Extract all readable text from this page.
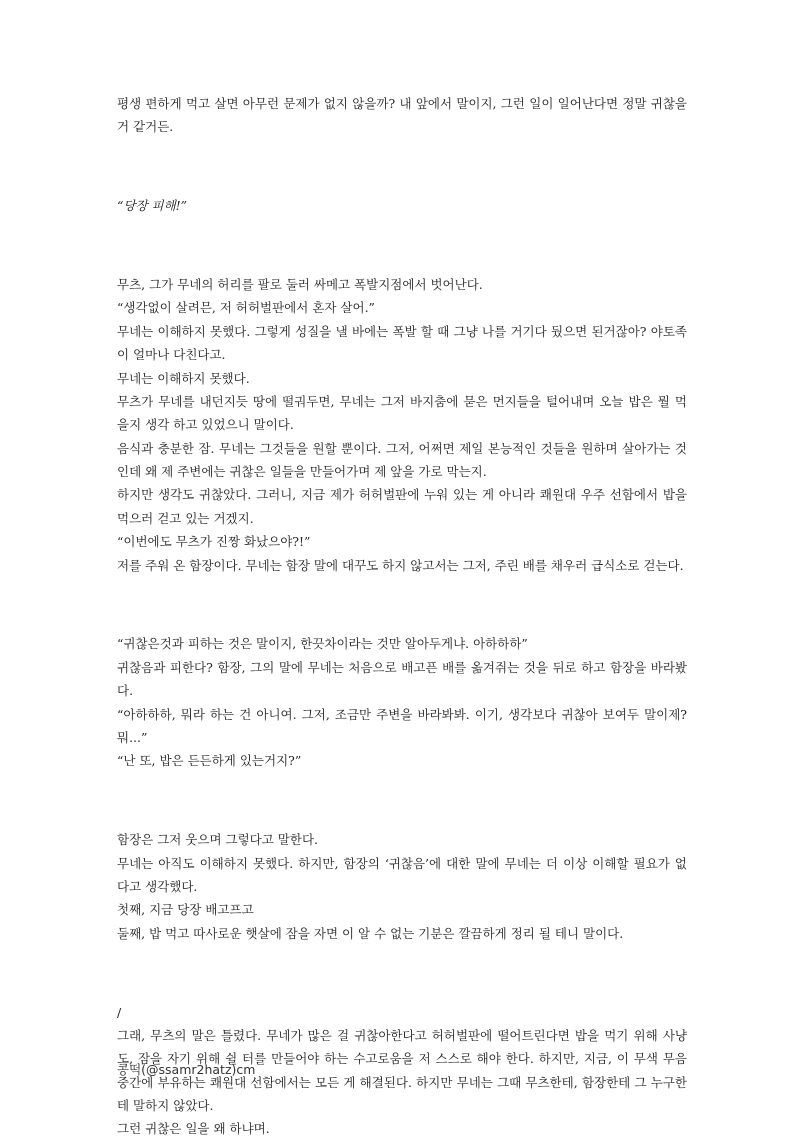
평생 편하게 먹고 살면 아무런 문제가 없지 않을까? 내 앞에서 말이지, 그런 일이 일어난다면 정말 귀찮을

거 같거든.

“당장 피해!”

무츠, 그가 무네의 허리를 팔로 둘러 싸메고 폭발지점에서 벗어난다.

“생각없이 살려믄, 저 허허벌판에서 혼자 살어.”

무네는 이해하지 못했다. 그렇게 성질을 낼 바에는 폭발 할 때 그냥 나를 거기다 뒀으면 된거잖아? 야토족

이 얼마나 다친다고.

무네는 이해하지 못했다.

무츠가 무네를 내던지듯 땅에 떨궈두면, 무네는 그저 바지춤에 묻은 먼지들을 털어내며 오늘 밥은 뭘 먹

을지 생각 하고 있었으니 말이다.

음식과 충분한 잠. 무네는 그것들을 원할 뿐이다. 그저, 어쩌면 제일 본능적인 것들을 원하며 살아가는 것

인데 왜 제 주변에는 귀찮은 일들을 만들어가며 제 앞을 가로 막는지.

하지만 생각도 귀찮았다. 그러니, 지금 제가 허허벌판에 누워 있는 게 아니라 쾌원대 우주 선함에서 밥을

먹으러 걷고 있는 거겠지.

“이번에도 무츠가 진짱 화났으야?!”

저를 주워 온 함장이다. 무네는 함장 말에 대꾸도 하지 않고서는 그저, 주린 배를 채우러 급식소로 걷는다.

“귀찮은것과 피하는 것은 말이지, 한끗차이라는 것만 알아두게냐. 아하하하”

귀찮음과 피한다? 함장, 그의 말에 무네는 처음으로 배고픈 배를 옮겨쥐는 것을 뒤로 하고 함장을 바라봤

다.

“아하하하, 뭐라 하는 건 아니여. 그저, 조금만 주변을 바라봐봐. 이기, 생각보다 귀찮아 보여두 말이제?

뭐...”

“난 또, 밥은 든든하게 있는거지?”

함장은 그저 웃으며 그렇다고 말한다.

무네는 아직도 이해하지 못했다. 하지만, 함장의 ‘귀찮음’에 대한 말에 무네는 더 이상 이해할 필요가 없

다고 생각했다.

첫째, 지금 당장 배고프고

둘째, 밥 먹고 따사로운 햇살에 잠을 자면 이 알 수 없는 기분은 깔끔하게 정리 될 테니 말이다.

/

그래, 무츠의 말은 틀렸다. 무네가 많은 걸 귀찮아한다고 허허벌판에 떨어트린다면 밥을 먹기 위해 사냥

도, 잠을 자기 위해 쉴 터를 만들어야 하는 수고로움을 저 스스로 해야 한다. 하지만, 지금, 이 무색 무음

중간에 부유하는 쾌원대 선함에서는 모든 게 해결된다. 하지만 무네는 그때 무츠한테, 함장한테 그 누구한

테 말하지 않았다.

그런 귀찮은 일을 왜 하냐며.

콩떡(@ssamr2hatz)cm
